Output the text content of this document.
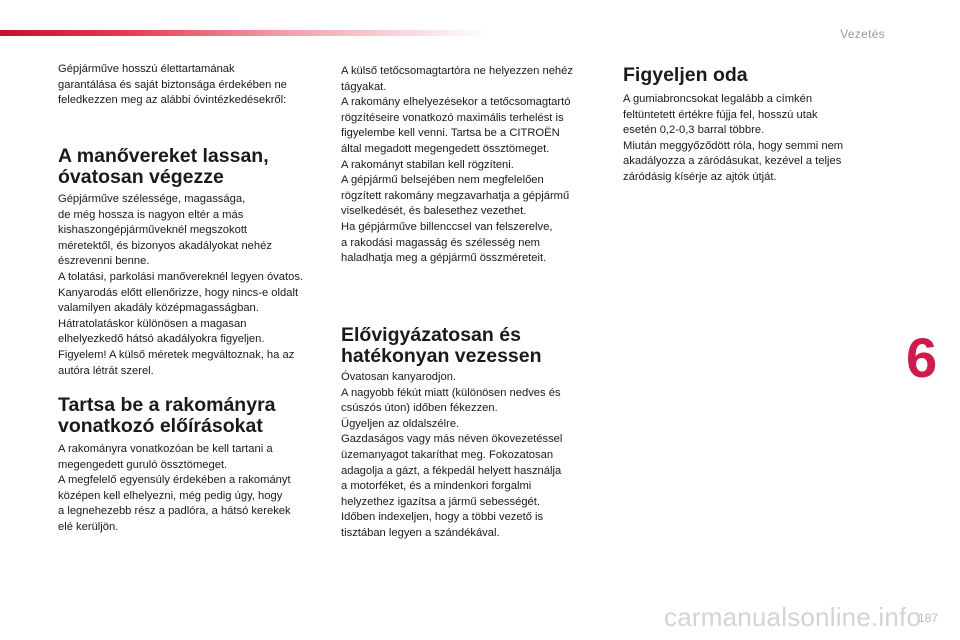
Vezetés

Gépjárműve hosszú élettartamának
garantálása és saját biztonsága érdekében ne
feledkezzen meg az alábbi óvintézkedésekről:

A manővereket lassan,
óvatosan végezze

Gépjárműve szélessége, magassága,
de még hossza is nagyon eltér a más
kishaszongépjárműveknél megszokott
méretektől, és bizonyos akadályokat nehéz
észrevenni benne.
A tolatási, parkolási manővereknél legyen óvatos.
Kanyarodás előtt ellenőrizze, hogy nincs-e oldalt
valamilyen akadály középmagasságban.
Hátratolatáskor különösen a magasan
elhelyezkedő hátsó akadályokra figyeljen.
Figyelem! A külső méretek megváltoznak, ha az
autóra létrát szerel.

Tartsa be a rakományra
vonatkozó előírásokat

A rakományra vonatkozóan be kell tartani a
megengedett guruló össztömeget.
A megfelelő egyensúly érdekében a rakományt
középen kell elhelyezni, még pedig úgy, hogy
a legnehezebb rész a padlóra, a hátsó kerekek
elé kerüljön.

A külső tetőcsomagtartóra ne helyezzen nehéz
tágyakat.
A rakomány elhelyezésekor a tetőcsomagtartó
rögzítéseire vonatkozó maximális terhelést is
figyelembe kell venni. Tartsa be a CITROËN
által megadott megengedett össztömeget.
A rakományt stabilan kell rögzíteni.
A gépjármű belsejében nem megfelelően
rögzített rakomány megzavarhatja a gépjármű
viselkedését, és balesethez vezethet.
Ha gépjárműve billenccsel van felszerelve,
a rakodási magasság és szélesség nem
haladhatja meg a gépjármű összméreteit.

Elővigyázatosan és
hatékonyan vezessen

Óvatosan kanyarodjon.
A nagyobb fékút miatt (különösen nedves és
csúszós úton) időben fékezzen.
Ügyeljen az oldalszélre.
Gazdaságos vagy más néven ökovezetéssel
üzemanyagot takaríthat meg. Fokozatosan
adagolja a gázt, a fékpedál helyett használja
a motorféket, és a mindenkori forgalmi
helyzethez igazítsa a jármű sebességét.
Időben indexeljen, hogy a többi vezető is
tisztában legyen a szándékával.

Figyeljen oda

A gumiabroncsokat legalább a címkén
feltüntetett értékre fújja fel, hosszú utak
esetén 0,2-0,3 barral többre.
Miután meggyőződött róla, hogy semmi nem
akadályozza a záródásukat, kezével a teljes
záródásig kísérje az ajtók útját.

6
carmanualsonline.info
187
